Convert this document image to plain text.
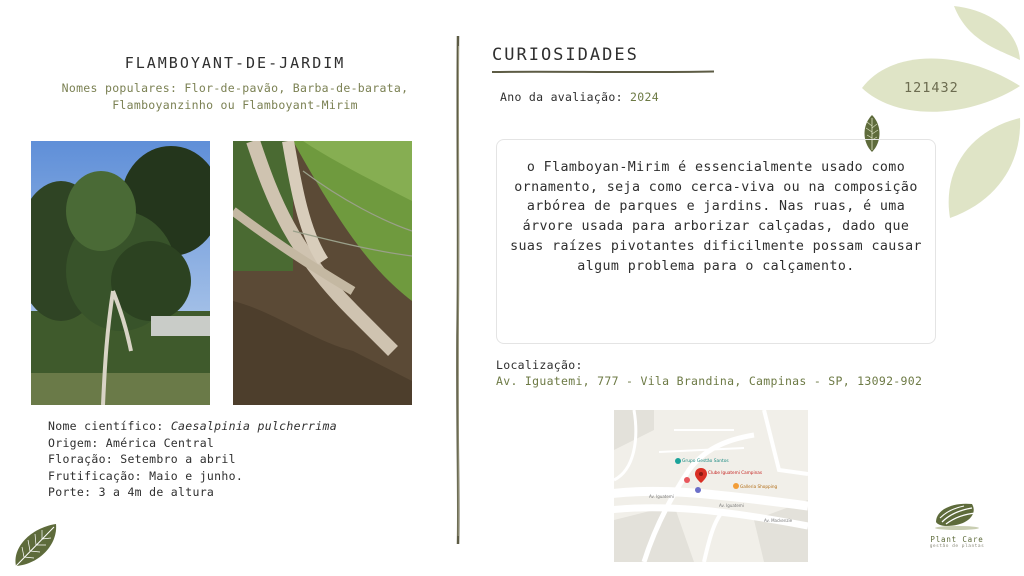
FLAMBOYANT-DE-JARDIM
Nomes populares: Flor-de-pavão, Barba-de-barata,
Flamboyanzinho ou Flamboyant-Mirim
Nome científico: Caesalpinia pulcherrima
Origem: América Central
Floração: Setembro a abril
Frutificação: Maio e junho.
Porte: 3 a 4m de altura
CURIOSIDADES
Ano da avaliação: 2024

o Flamboyan-Mirim é essencialmente usado como ornamento, seja como cerca-viva ou na composição arbórea de parques e jardins. Nas ruas, é uma árvore usada para arborizar calçadas, dado que suas raízes pivotantes dificilmente possam causar algum problema para o calçamento.

Localização:
Av. Iguatemi, 777 - Vila Brandina, Campinas - SP, 13092-902
Grupo Gestão Santos
Clube Iguatemi Campinas
Galleria Shopping
Av. Iguatemi
Av. Iguatemi
Av. Mackenzie
121432
Plant Care
gestão de plantas
